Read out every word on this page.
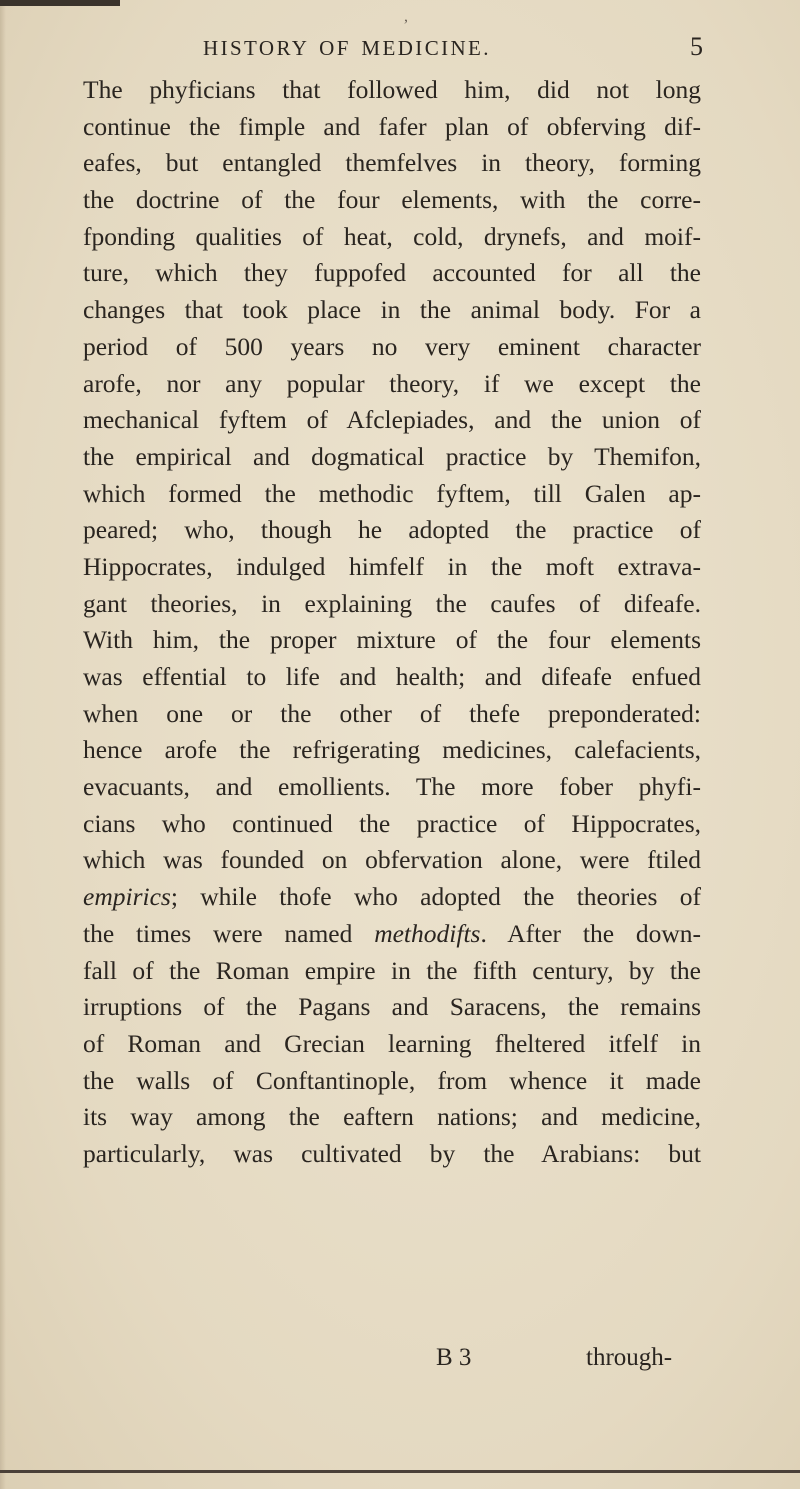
,
HISTORY OF MEDICINE.	5
The phyficians that followed him, did not long
continue the fimple and fafer plan of obferving dif-
eafes, but entangled themfelves in theory, forming
the doctrine of the four elements, with the corre-
fponding qualities of heat, cold, drynefs, and moif-
ture, which they fuppofed accounted for all the
changes that took place in the animal body. For a
period of 500 years no very eminent character
arofe, nor any popular theory, if we except the
mechanical fyftem of Afclepiades, and the union of
the empirical and dogmatical practice by Themifon,
which formed the methodic fyftem, till Galen ap-
peared; who, though he adopted the practice of
Hippocrates, indulged himfelf in the moft extrava-
gant theories, in explaining the caufes of difeafe.
With him, the proper mixture of the four elements
was effential to life and health; and difeafe enfued
when one or the other of thefe preponderated:
hence arofe the refrigerating medicines, calefacients,
evacuants, and emollients. The more fober phyfi-
cians who continued the practice of Hippocrates,
which was founded on obfervation alone, were ftiled
empirics; while thofe who adopted the theories of
the times were named methodifts. After the down-
fall of the Roman empire in the fifth century, by the
irruptions of the Pagans and Saracens, the remains
of Roman and Grecian learning fheltered itfelf in
the walls of Conftantinople, from whence it made
its way among the eaftern nations; and medicine,
particularly, was cultivated by the Arabians: but
B 3	through-
